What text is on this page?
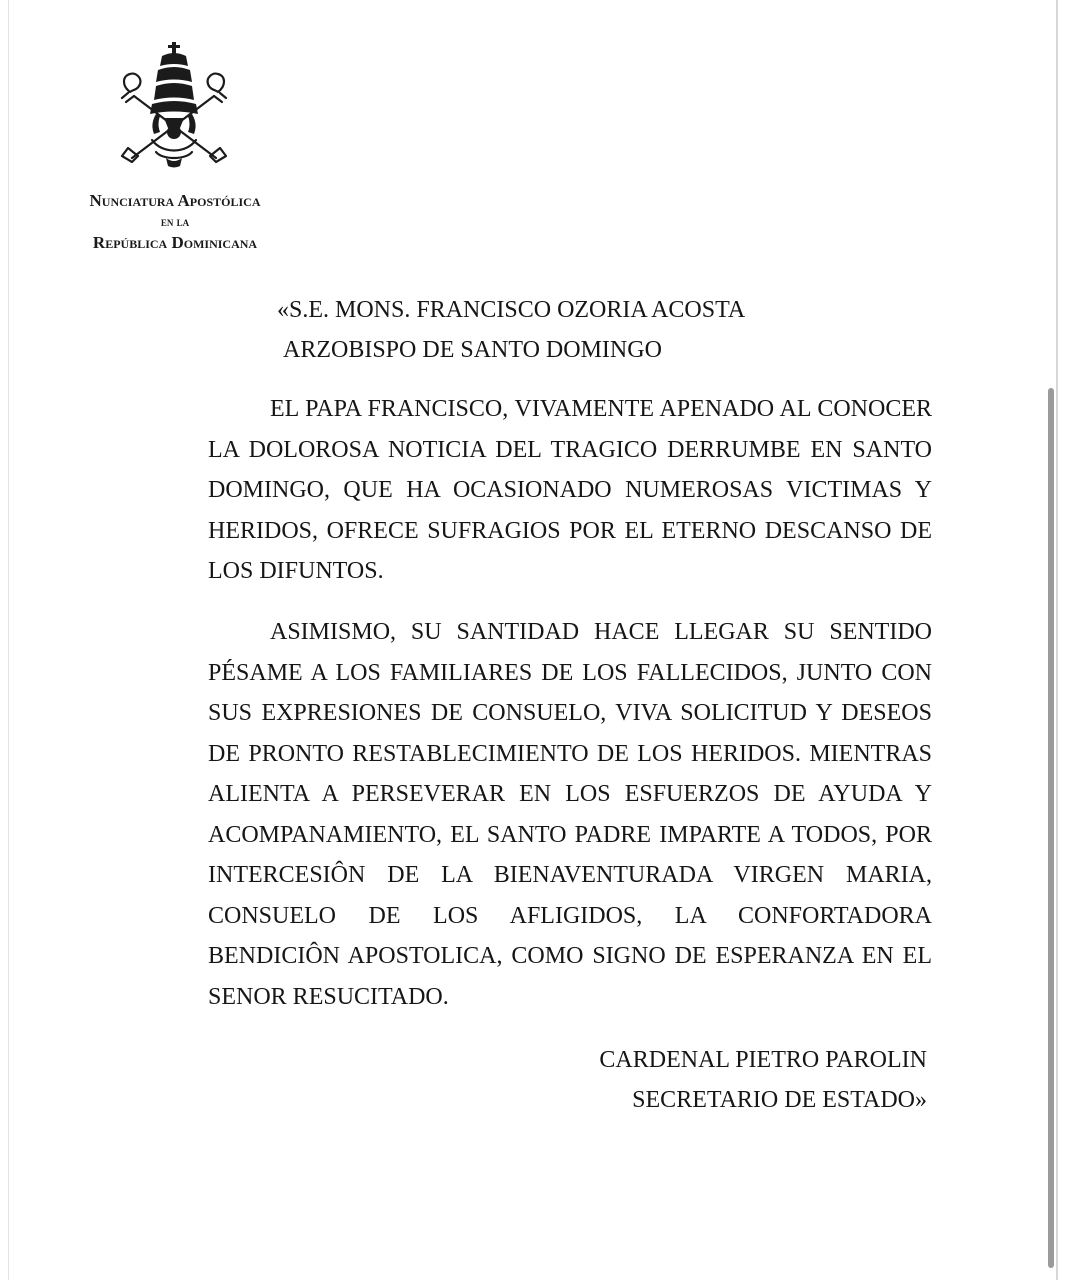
Nunciatura Apostólica
en la
República Dominicana
«S.E. MONS. FRANCISCO OZORIA ACOSTA
ARZOBISPO DE SANTO DOMINGO

EL PAPA FRANCISCO, VIVAMENTE APENADO AL CONOCER LA DOLOROSA NOTICIA DEL TRAGICO DERRUMBE EN SANTO DOMINGO, QUE HA OCASIONADO NUMEROSAS VICTIMAS Y HERIDOS, OFRECE SUFRAGIOS POR EL ETERNO DESCANSO DE LOS DIFUNTOS.

ASIMISMO, SU SANTIDAD HACE LLEGAR SU SENTIDO PÉSAME A LOS FAMILIARES DE LOS FALLECIDOS, JUNTO CON SUS EXPRESIONES DE CONSUELO, VIVA SOLICITUD Y DESEOS DE PRONTO RESTABLECIMIENTO DE LOS HERIDOS. MIENTRAS ALIENTA A PERSEVERAR EN LOS ESFUERZOS DE AYUDA Y ACOMPANAMIENTO, EL SANTO PADRE IMPARTE A TODOS, POR INTERCESIÔN DE LA BIENAVENTURADA VIRGEN MARIA, CONSUELO DE LOS AFLIGIDOS, LA CONFORTADORA BENDICIÔN APOSTOLICA, COMO SIGNO DE ESPERANZA EN EL SENOR RESUCITADO.

CARDENAL PIETRO PAROLIN
SECRETARIO DE ESTADO»
